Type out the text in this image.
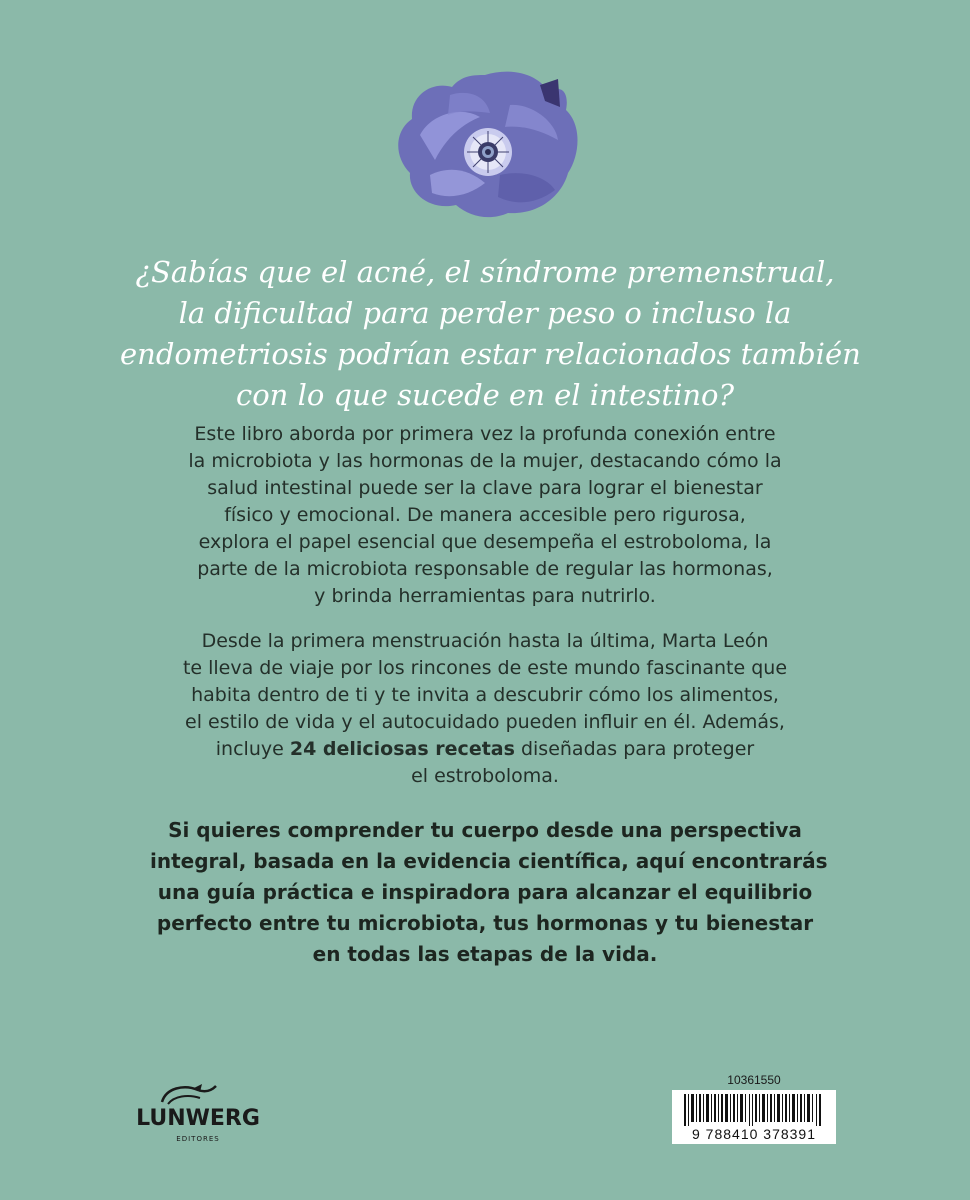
¿Sabías que el acné, el síndrome premenstrual,
la dificultad para perder peso o incluso la
endometriosis podrían estar relacionados también
con lo que sucede en el intestino?
Este libro aborda por primera vez la profunda conexión entre
la microbiota y las hormonas de la mujer, destacando cómo la
salud intestinal puede ser la clave para lograr el bienestar
físico y emocional. De manera accesible pero rigurosa,
explora el papel esencial que desempeña el estroboloma, la
parte de la microbiota responsable de regular las hormonas,
y brinda herramientas para nutrirlo.
Desde la primera menstruación hasta la última, Marta León
te lleva de viaje por los rincones de este mundo fascinante que
habita dentro de ti y te invita a descubrir cómo los alimentos,
el estilo de vida y el autocuidado pueden influir en él. Además,
incluye 24 deliciosas recetas diseñadas para proteger
el estroboloma.
Si quieres comprender tu cuerpo desde una perspectiva
integral, basada en la evidencia científica, aquí encontrarás
una guía práctica e inspiradora para alcanzar el equilibrio
perfecto entre tu microbiota, tus hormonas y tu bienestar
en todas las etapas de la vida.
LUNWERG
EDITORES
10361550
9 788410 378391
